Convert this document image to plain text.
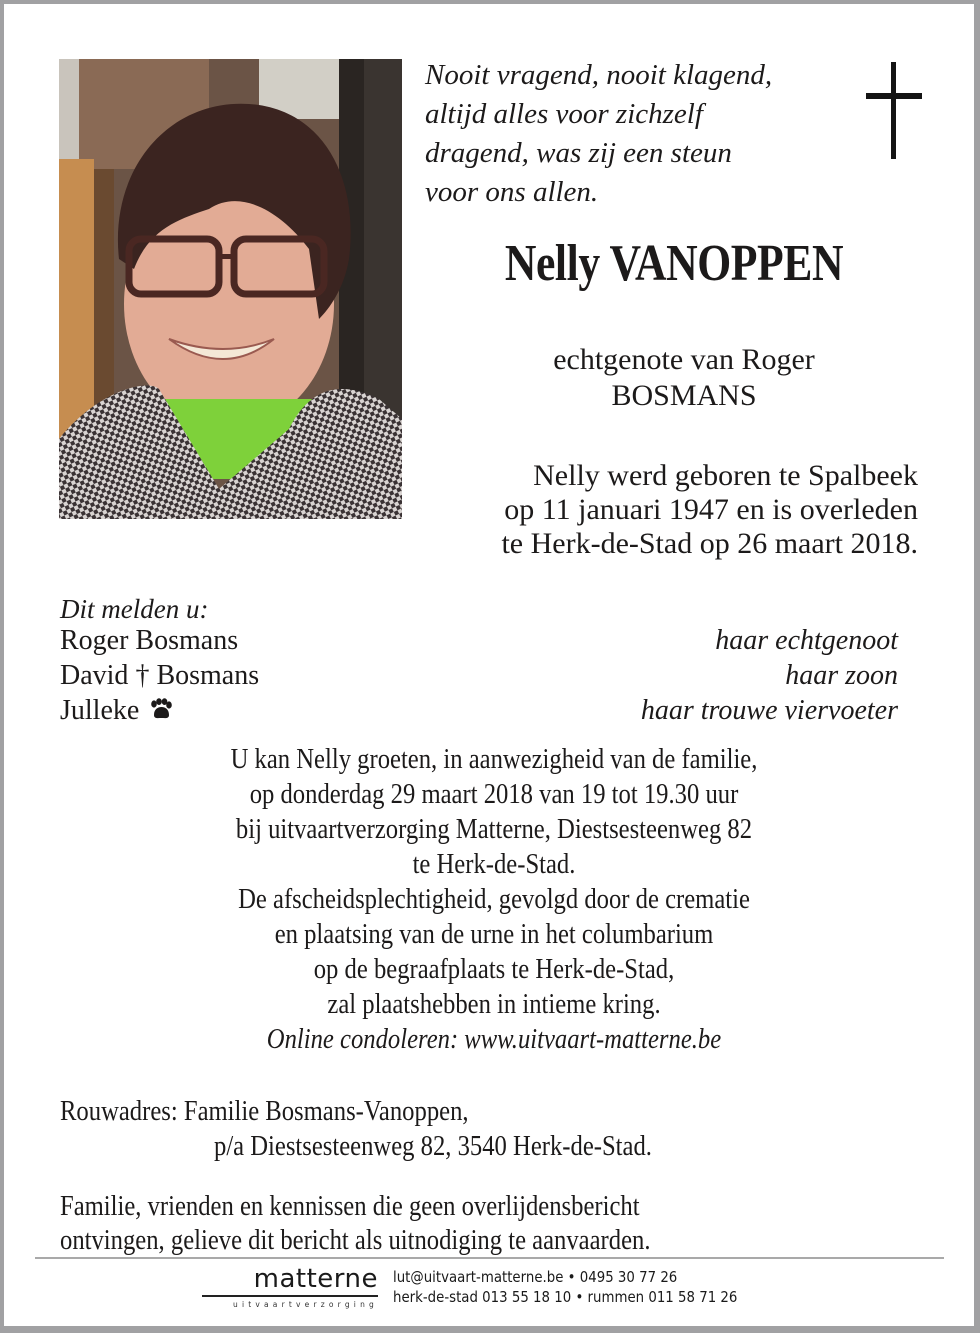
Nooit vragend, nooit klagend,
altijd alles voor zichzelf
dragend, was zij een steun
voor ons allen.
Nelly VANOPPEN
echtgenote van Roger
BOSMANS
Nelly werd geboren te Spalbeek
op 11 januari 1947 en is overleden
te Herk-de-Stad op 26 maart 2018.
Dit melden u:
Roger Bosmans	haar echtgenoot
David † Bosmans	haar zoon
Julleke	haar trouwe viervoeter
U kan Nelly groeten, in aanwezigheid van de familie,
op donderdag 29 maart 2018 van 19 tot 19.30 uur
bij uitvaartverzorging Matterne, Diestsesteenweg 82
te Herk-de-Stad.
De afscheidsplechtigheid, gevolgd door de crematie
en plaatsing van de urne in het columbarium
op de begraafplaats te Herk-de-Stad,
zal plaatshebben in intieme kring.
Online condoleren: www.uitvaart-matterne.be
Rouwadres: Familie Bosmans-Vanoppen,
p/a Diestsesteenweg 82, 3540 Herk-de-Stad.
Familie, vrienden en kennissen die geen overlijdensbericht
ontvingen, gelieve dit bericht als uitnodiging te aanvaarden.
matterne
uitvaartverzorging
lut@uitvaart-matterne.be • 0495 30 77 26
herk-de-stad 013 55 18 10 • rummen 011 58 71 26
